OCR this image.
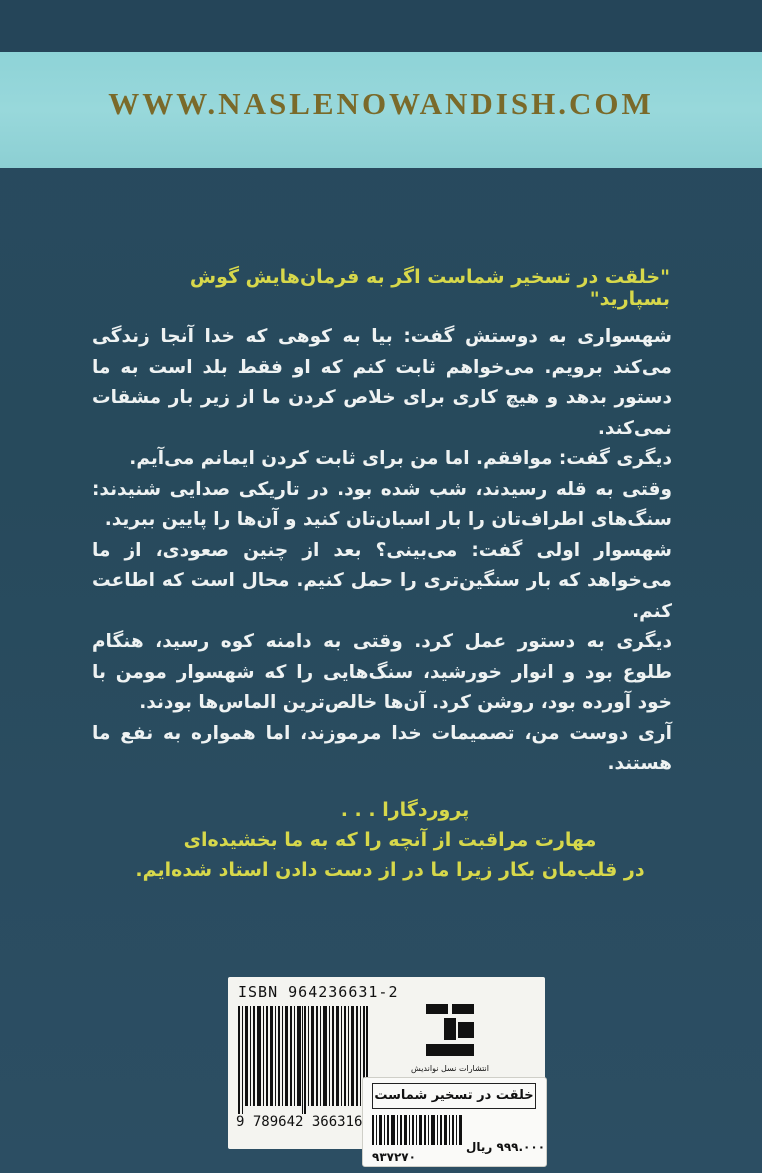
WWW.NASLENOWANDISH.COM
"خلقت در تسخیر شماست اگر به فرمان‌هایش گوش بسپارید"

شهسواری به دوستش گفت: بیا به کوهی که خدا آنجا زندگی می‌کند برویم. می‌خواهم ثابت کنم که او فقط بلد است به ما دستور بدهد و هیچ کاری برای خلاص کردن ما از زیر بار مشقات نمی‌کند.

دیگری گفت: موافقم. اما من برای ثابت کردن ایمانم می‌آیم.

وقتی به قله رسیدند، شب شده بود. در تاریکی صدایی شنیدند: سنگ‌های اطراف‌تان را بار اسبان‌تان کنید و آن‌ها را پایین ببرید.

شهسوار اولی گفت: می‌بینی؟ بعد از چنین صعودی، از ما می‌خواهد که بار سنگین‌تری را حمل کنیم. محال است که اطاعت کنم.

دیگری به دستور عمل کرد. وقتی به دامنه کوه رسید، هنگام طلوع بود و انوار خورشید، سنگ‌هایی را که شهسوار مومن با خود آورده بود، روشن کرد. آن‌ها خالص‌ترین الماس‌ها بودند.

آری دوست من، تصمیمات خدا مرموزند، اما همواره به نفع ما هستند.

پروردگارا . . .
مهارت مراقبت از آنچه را که به ما بخشیده‌ای
در قلب‌مان بکار زیرا ما در از دست دادن استاد شده‌ایم.
ISBN 964236631-2
9 789642 366316
انتشارات نسل نواندیش
خلقت در تسخیر شماست
۹۹۹.۰۰۰ ریال
۹۳۷۲۷۰
